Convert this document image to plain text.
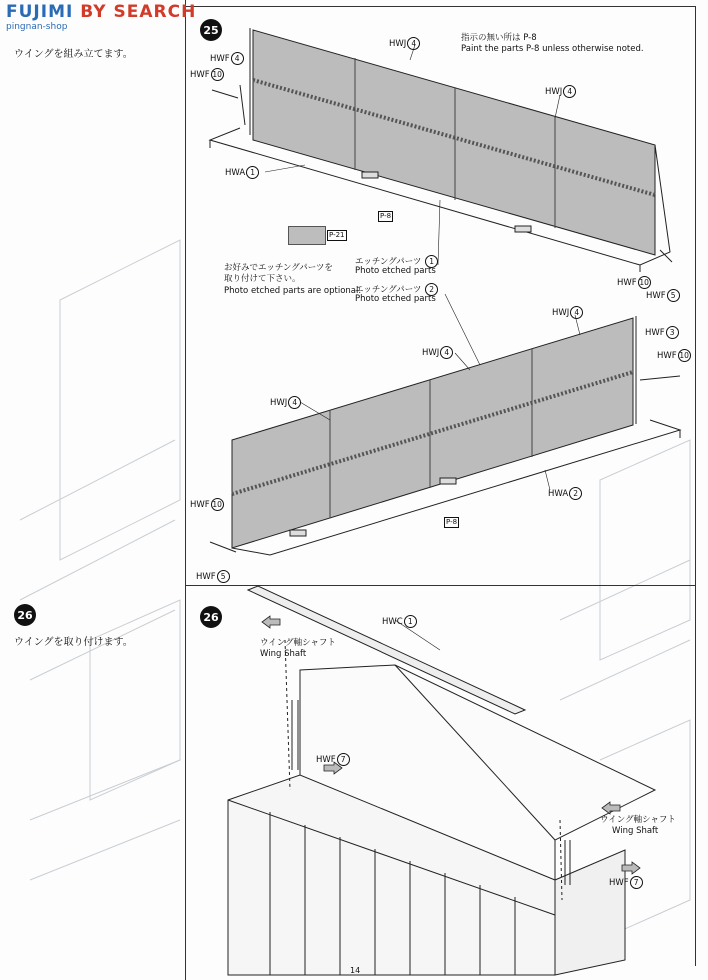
FUJIMI BY SEARCH
pingnan-shop
ウイングを組み立てます。
26
ウイングを取り付けます。
25
26
指示の無い所は P-8
Paint the parts P-8 unless otherwise noted.
HWF 4
HWF 10
HWJ 4
HWJ 4
HWA 1
P-8
P-21
エッチングパーツ 1
Photo etched parts
お好みでエッチングパーツを
取り付けて下さい。
Photo etched parts are optional.
エッチングパーツ 2
Photo etched parts
HWF 10
HWF 5
HWJ 4
HWF 3
HWJ 4	HWF 10
HWJ 4
HWA 2
HWF 10
P-8
HWF 5
HWC 1
ウイング軸シャフト
Wing Shaft
HWF 7
ウイング軸シャフト
Wing Shaft
HWF 7
14
